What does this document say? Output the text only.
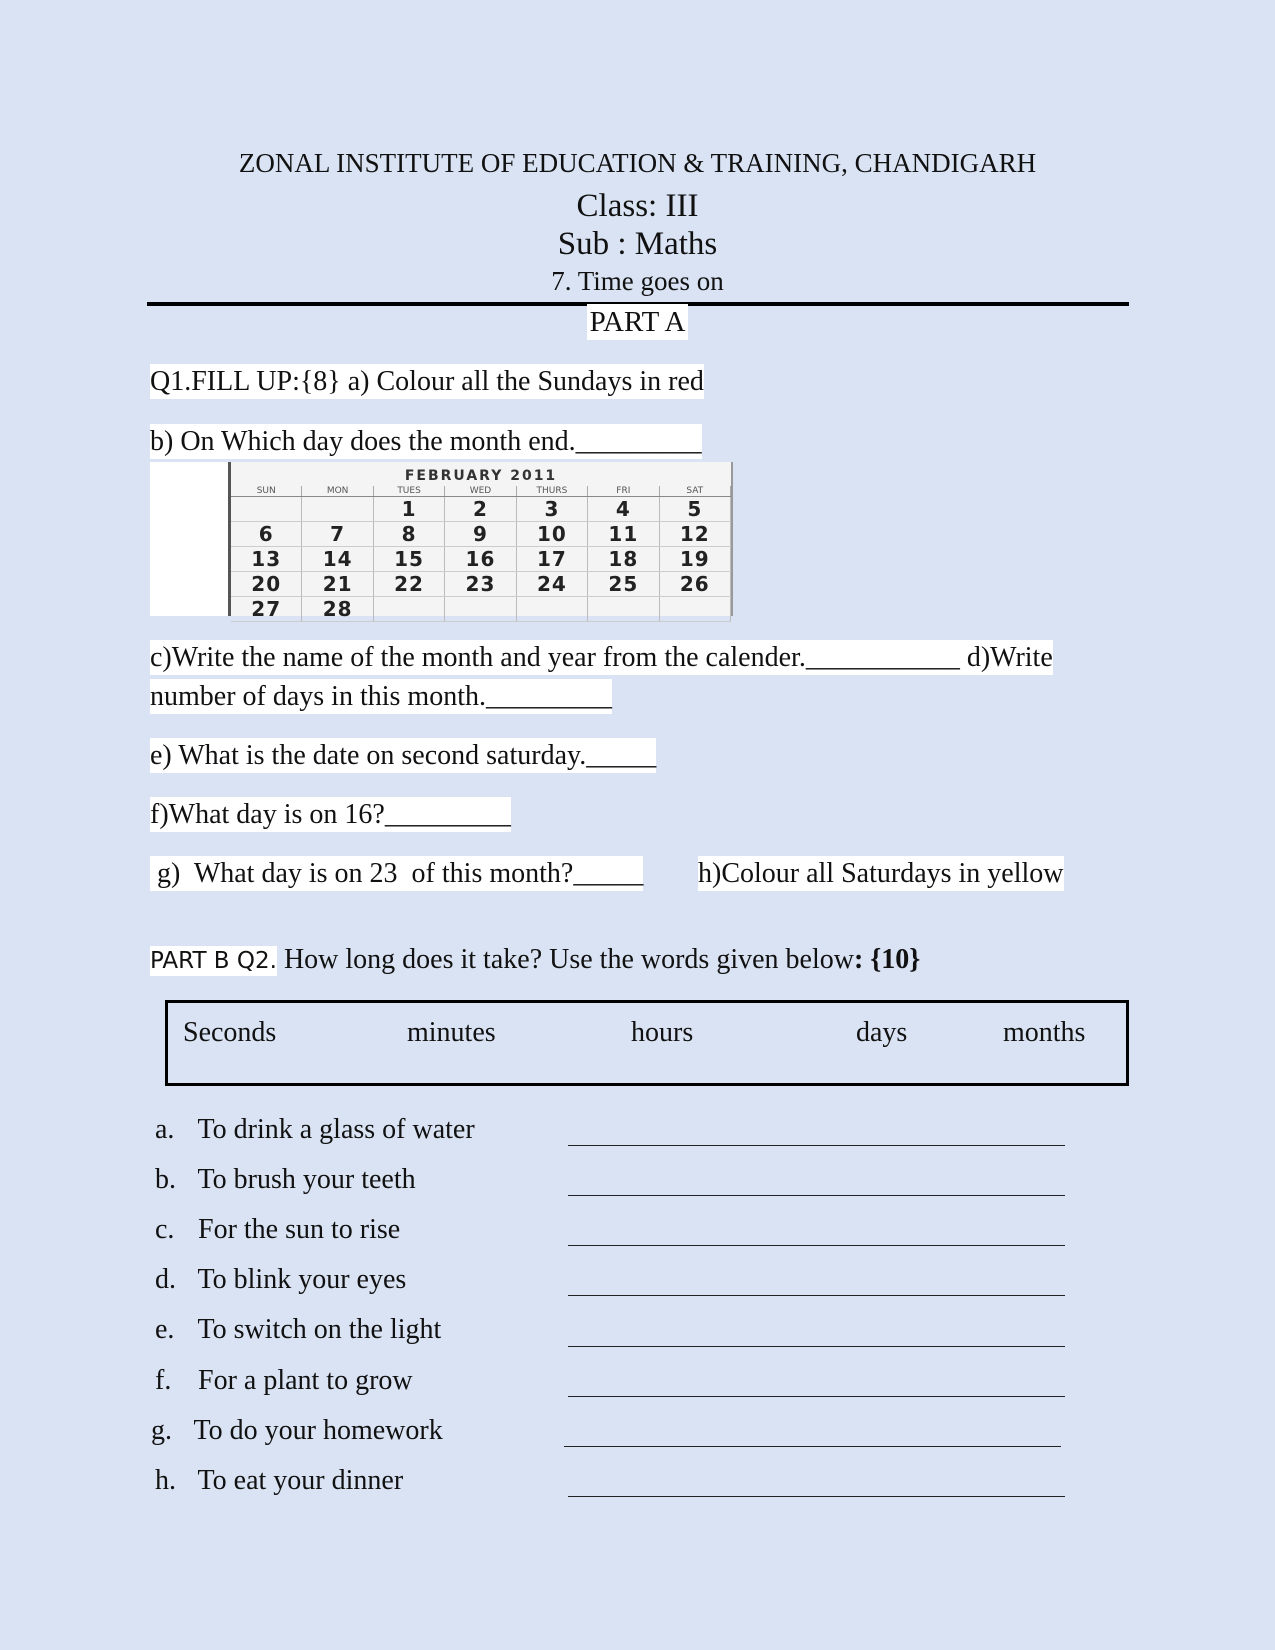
ZONAL INSTITUTE OF EDUCATION & TRAINING, CHANDIGARH
Class: III
Sub : Maths
7. Time goes on
PART A
Q1.FILL UP:{8} a) Colour all the Sundays in red
b) On Which day does the month end._________
FEBRUARY 2011
SUN	MON	TUES	WED	THURS	FRI	SAT
		1	2	3	4	5
6	7	8	9	10	11	12
13	14	15	16	17	18	19
20	21	22	23	24	25	26
27	28					
c)Write the name of the month and year from the calender.___________ d)Write
number of days in this month._________
e) What is the date on second saturday._____
f)What day is on 16?_________
g)  What day is on 23  of this month?_____ h)Colour all Saturdays in yellow
PART B Q2. How long does it take? Use the words given below: {10}
Seconds	minutes	hours	days	months
a. To drink a glass of water
b. To brush your teeth
c. For the sun to rise
d. To blink your eyes
e. To switch on the light
f. For a plant to grow
g. To do your homework
h. To eat your dinner
